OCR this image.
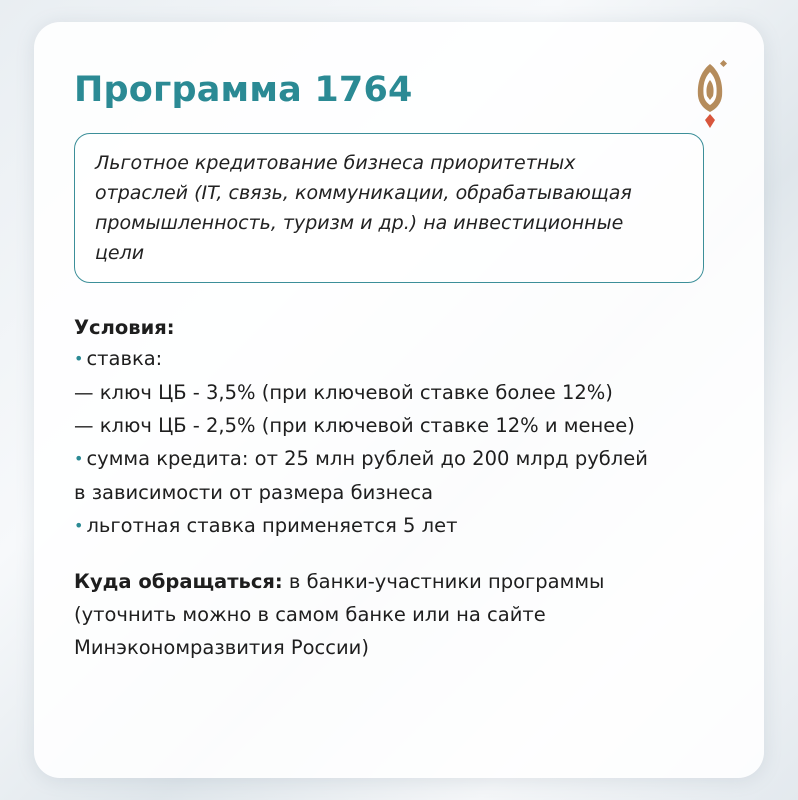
Программа 1764
Льготное кредитование бизнеса приоритетных
отраслей (IT, связь, коммуникации, обрабатывающая
промышленность, туризм и др.) на инвестиционные
цели
Условия:
• ставка:
— ключ ЦБ - 3,5% (при ключевой ставке более 12%)
— ключ ЦБ - 2,5% (при ключевой ставке 12% и менее)
• сумма кредита: от 25 млн рублей до 200 млрд рублей
в зависимости от размера бизнеса
• льготная ставка применяется 5 лет
Куда обращаться: в банки-участники программы
(уточнить можно в самом банке или на сайте
Минэкономразвития России)
